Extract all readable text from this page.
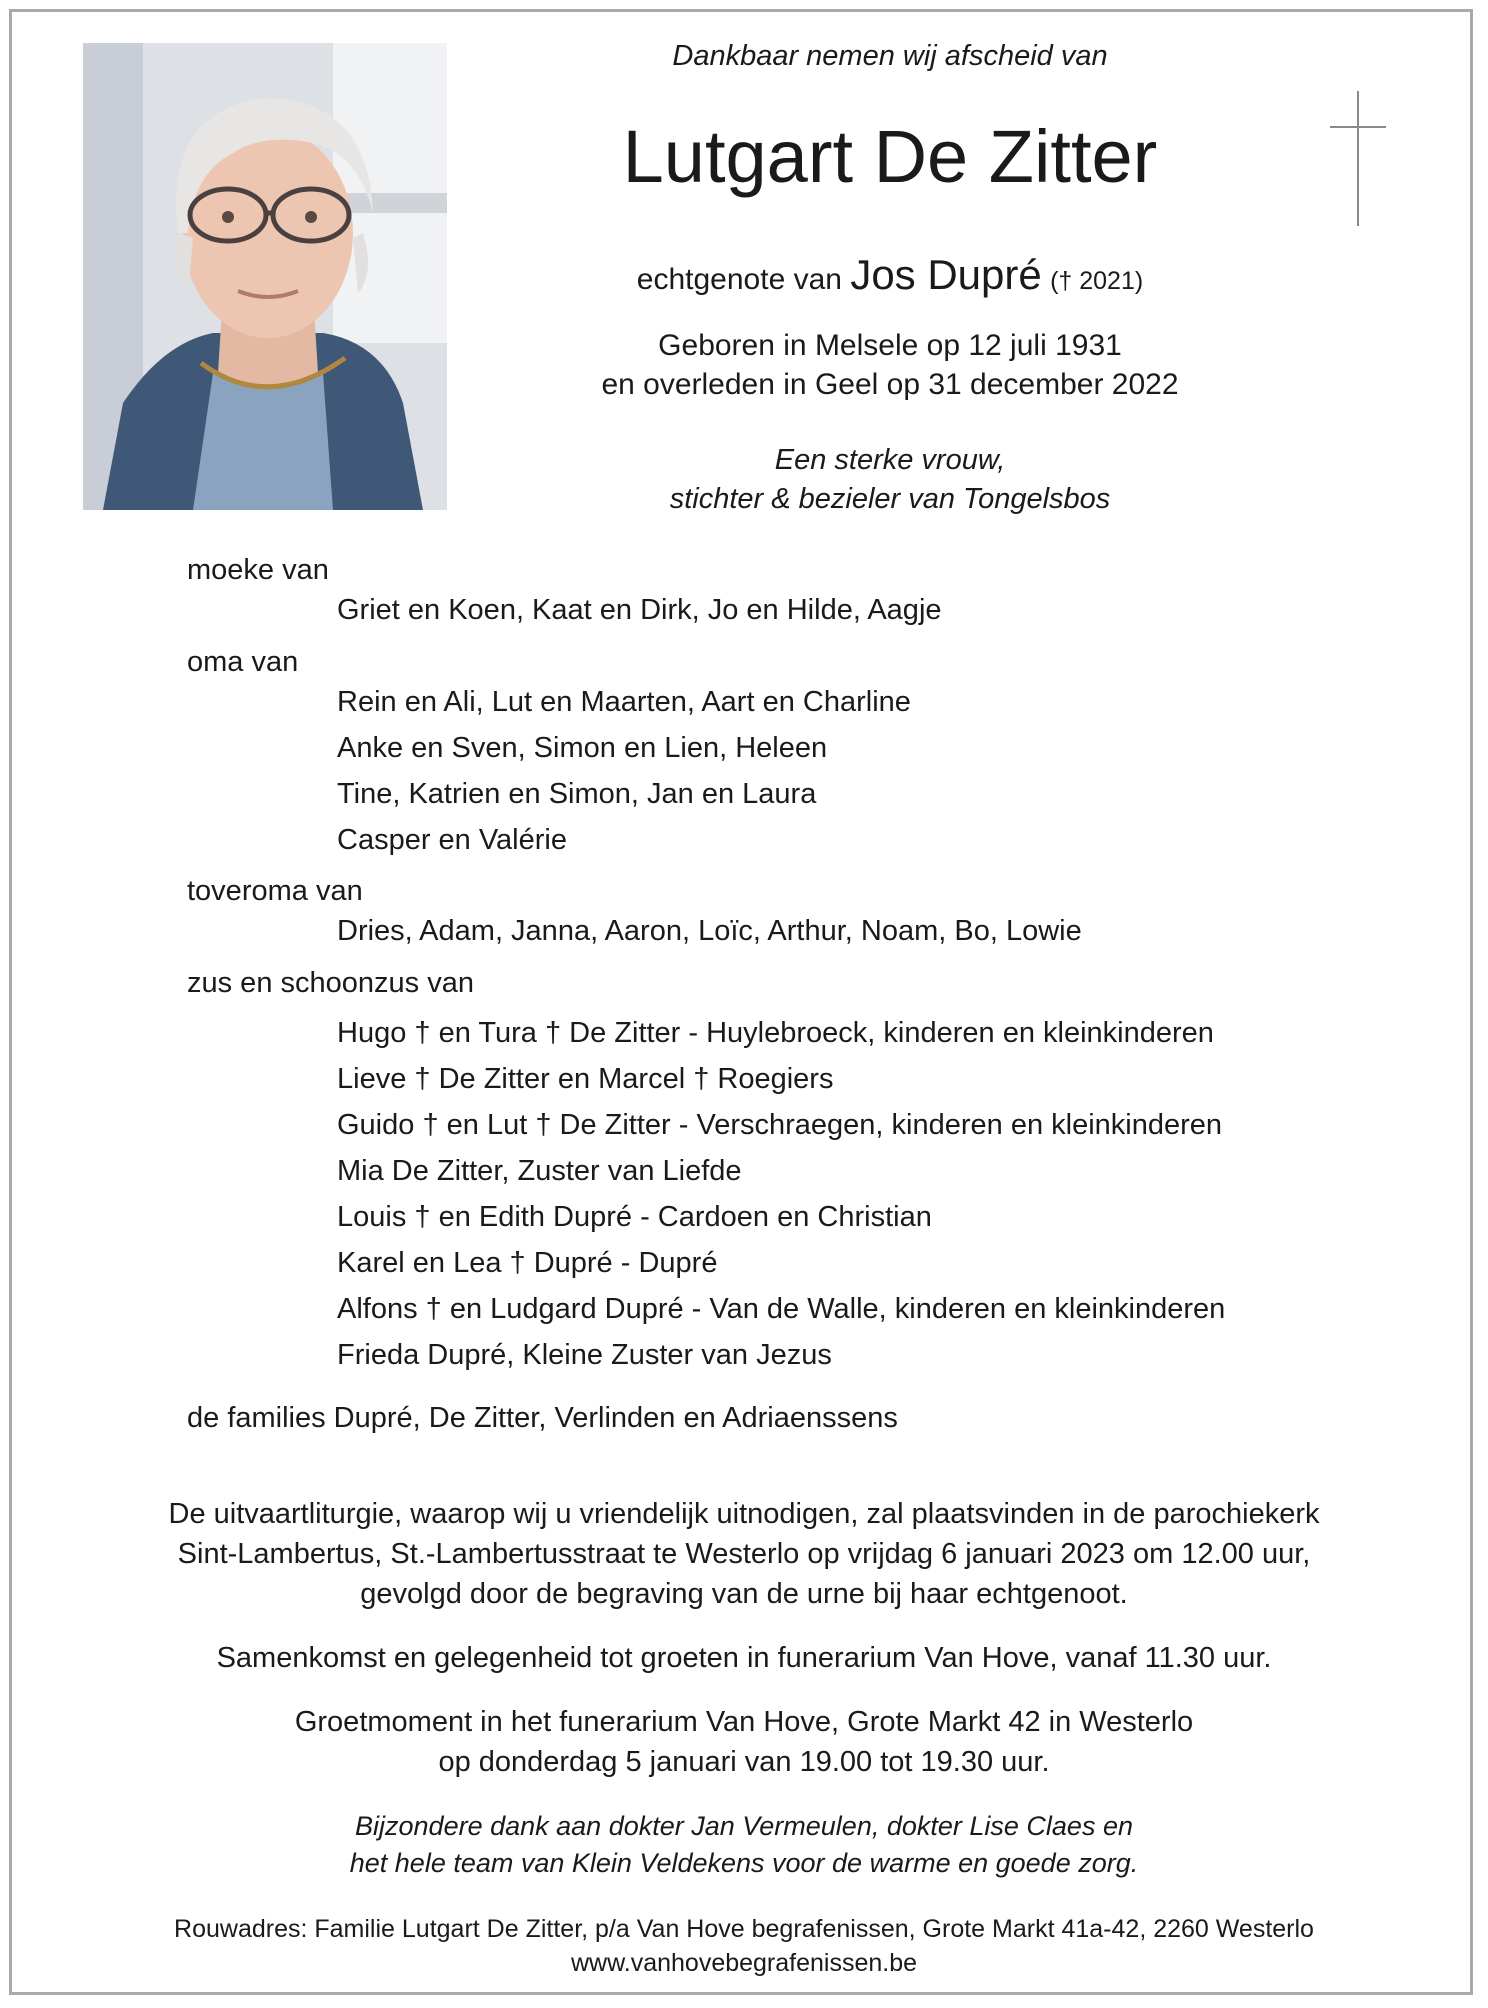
Dankbaar nemen wij afscheid van
Lutgart De Zitter
echtgenote van Jos Dupré († 2021)
Geboren in Melsele op 12 juli 1931
en overleden in Geel op 31 december 2022
Een sterke vrouw,
stichter & bezieler van Tongelsbos
moeke van
Griet en Koen, Kaat en Dirk, Jo en Hilde, Aagje
oma van
Rein en Ali, Lut en Maarten, Aart en Charline
Anke en Sven, Simon en Lien, Heleen
Tine, Katrien en Simon, Jan en Laura
Casper en Valérie
toveroma van
Dries, Adam, Janna, Aaron, Loïc, Arthur, Noam, Bo, Lowie
zus en schoonzus van
Hugo † en Tura † De Zitter - Huylebroeck, kinderen en kleinkinderen
Lieve † De Zitter en Marcel † Roegiers
Guido † en Lut † De Zitter - Verschraegen, kinderen en kleinkinderen
Mia De Zitter, Zuster van Liefde
Louis † en Edith Dupré - Cardoen en Christian
Karel en Lea † Dupré - Dupré
Alfons † en Ludgard Dupré - Van de Walle, kinderen en kleinkinderen
Frieda Dupré, Kleine Zuster van Jezus
de families Dupré, De Zitter, Verlinden en Adriaenssens
De uitvaartliturgie, waarop wij u vriendelijk uitnodigen, zal plaatsvinden in de parochiekerk
Sint-Lambertus, St.-Lambertusstraat te Westerlo op vrijdag 6 januari 2023 om 12.00 uur,
gevolgd door de begraving van de urne bij haar echtgenoot.
Samenkomst en gelegenheid tot groeten in funerarium Van Hove, vanaf 11.30 uur.
Groetmoment in het funerarium Van Hove, Grote Markt 42 in Westerlo
op donderdag 5 januari van 19.00 tot 19.30 uur.
Bijzondere dank aan dokter Jan Vermeulen, dokter Lise Claes en
het hele team van Klein Veldekens voor de warme en goede zorg.
Rouwadres: Familie Lutgart De Zitter, p/a Van Hove begrafenissen, Grote Markt 41a-42, 2260 Westerlo
www.vanhovebegrafenissen.be
